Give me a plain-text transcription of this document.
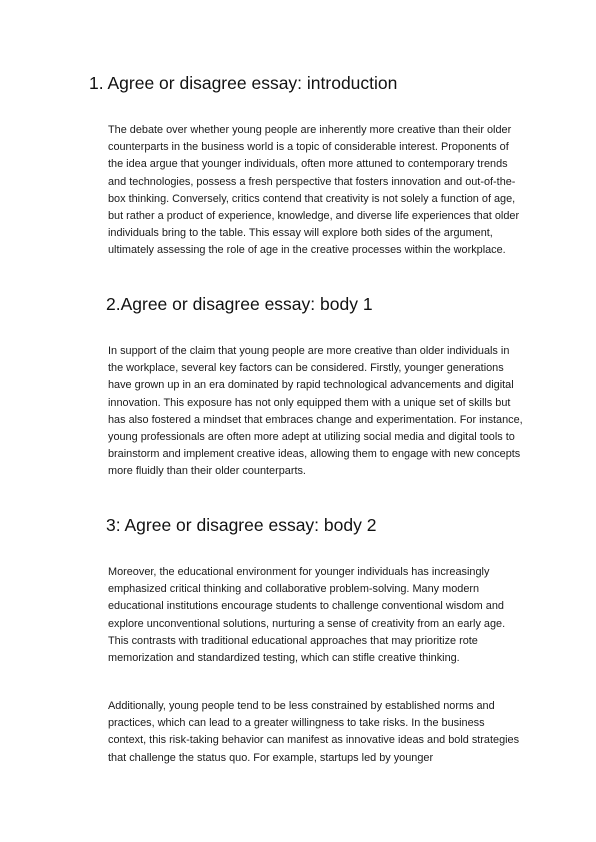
1. Agree or disagree essay: introduction

The debate over whether young people are inherently more creative than their older counterparts in the business world is a topic of considerable interest. Proponents of the idea argue that younger individuals, often more attuned to contemporary trends and technologies, possess a fresh perspective that fosters innovation and out-of-the-box thinking. Conversely, critics contend that creativity is not solely a function of age, but rather a product of experience, knowledge, and diverse life experiences that older individuals bring to the table. This essay will explore both sides of the argument, ultimately assessing the role of age in the creative processes within the workplace.

2.Agree or disagree essay: body 1

In support of the claim that young people are more creative than older individuals in the workplace, several key factors can be considered. Firstly, younger generations have grown up in an era dominated by rapid technological advancements and digital innovation. This exposure has not only equipped them with a unique set of skills but has also fostered a mindset that embraces change and experimentation. For instance, young professionals are often more adept at utilizing social media and digital tools to brainstorm and implement creative ideas, allowing them to engage with new concepts more fluidly than their older counterparts.

3: Agree or disagree essay: body 2

Moreover, the educational environment for younger individuals has increasingly emphasized critical thinking and collaborative problem-solving. Many modern educational institutions encourage students to challenge conventional wisdom and explore unconventional solutions, nurturing a sense of creativity from an early age. This contrasts with traditional educational approaches that may prioritize rote memorization and standardized testing, which can stifle creative thinking.

Additionally, young people tend to be less constrained by established norms and practices, which can lead to a greater willingness to take risks. In the business context, this risk-taking behavior can manifest as innovative ideas and bold strategies that challenge the status quo. For example, startups led by younger
